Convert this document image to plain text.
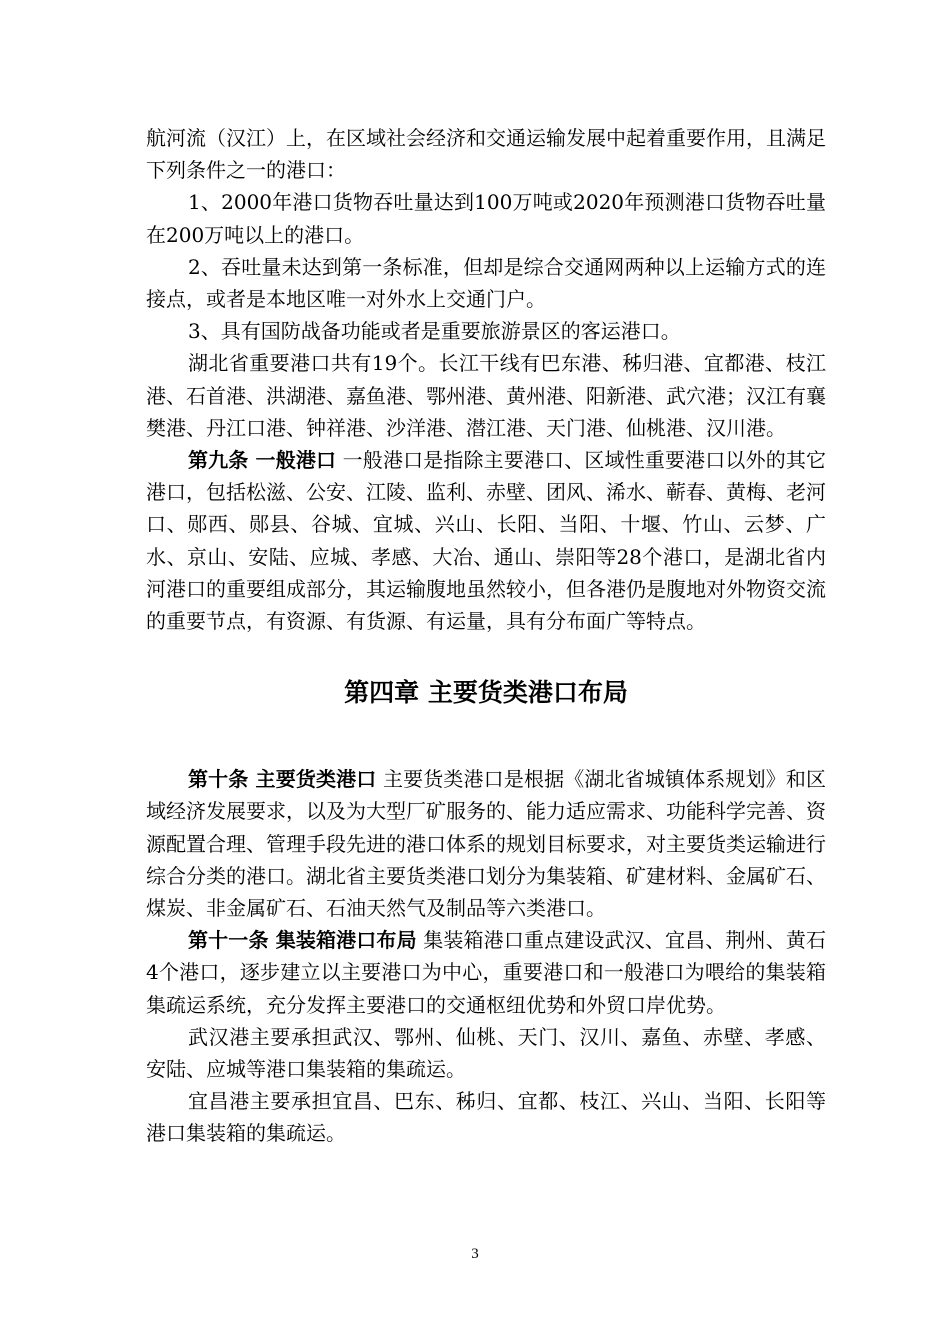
航河流（汉江）上，在区域社会经济和交通运输发展中起着重要作用，且满足下列条件之一的港口：

1、2000年港口货物吞吐量达到100万吨或2020年预测港口货物吞吐量在200万吨以上的港口。

2、吞吐量未达到第一条标准，但却是综合交通网两种以上运输方式的连接点，或者是本地区唯一对外水上交通门户。

3、具有国防战备功能或者是重要旅游景区的客运港口。

湖北省重要港口共有19个。长江干线有巴东港、秭归港、宜都港、枝江港、石首港、洪湖港、嘉鱼港、鄂州港、黄州港、阳新港、武穴港；汉江有襄樊港、丹江口港、钟祥港、沙洋港、潜江港、天门港、仙桃港、汉川港。

第九条 一般港口 一般港口是指除主要港口、区域性重要港口以外的其它港口，包括松滋、公安、江陵、监利、赤壁、团风、浠水、蕲春、黄梅、老河口、郧西、郧县、谷城、宜城、兴山、长阳、当阳、十堰、竹山、云梦、广水、京山、安陆、应城、孝感、大冶、通山、崇阳等28个港口，是湖北省内河港口的重要组成部分，其运输腹地虽然较小，但各港仍是腹地对外物资交流的重要节点，有资源、有货源、有运量，具有分布面广等特点。

第四章 主要货类港口布局

第十条 主要货类港口 主要货类港口是根据《湖北省城镇体系规划》和区域经济发展要求，以及为大型厂矿服务的、能力适应需求、功能科学完善、资源配置合理、管理手段先进的港口体系的规划目标要求，对主要货类运输进行综合分类的港口。湖北省主要货类港口划分为集装箱、矿建材料、金属矿石、煤炭、非金属矿石、石油天然气及制品等六类港口。

第十一条 集装箱港口布局 集装箱港口重点建设武汉、宜昌、荆州、黄石4个港口，逐步建立以主要港口为中心，重要港口和一般港口为喂给的集装箱集疏运系统，充分发挥主要港口的交通枢纽优势和外贸口岸优势。

武汉港主要承担武汉、鄂州、仙桃、天门、汉川、嘉鱼、赤壁、孝感、安陆、应城等港口集装箱的集疏运。

宜昌港主要承担宜昌、巴东、秭归、宜都、枝江、兴山、当阳、长阳等港口集装箱的集疏运。

3
